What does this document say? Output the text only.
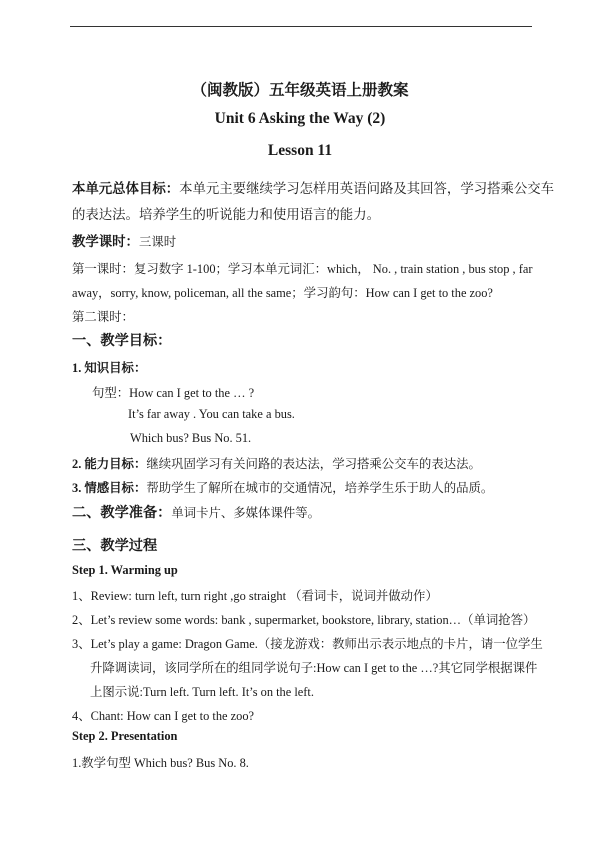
（闽教版）五年级英语上册教案
Unit 6 Asking the Way (2)
Lesson 11
本单元总体目标：本单元主要继续学习怎样用英语问路及其回答，学习搭乘公交车
的表达法。培养学生的听说能力和使用语言的能力。
教学课时：三课时
第一课时：复习数字 1-100；学习本单元词汇：which， No. , train station , bus stop , far
away，sorry, know, policeman, all the same；学习韵句：How can I get to the zoo?
第二课时：
一、教学目标：
1. 知识目标：
句型：How can I get to the … ?
It’s far away . You can take a bus.
Which bus? Bus No. 51.
2. 能力目标：继续巩固学习有关问路的表达法，学习搭乘公交车的表达法。
3. 情感目标：帮助学生了解所在城市的交通情况，培养学生乐于助人的品质。
二、教学准备：单词卡片、多媒体课件等。
三、教学过程
Step 1. Warming up
1、Review: turn left, turn right ,go straight （看词卡，说词并做动作）
2、Let’s review some words: bank , supermarket, bookstore, library, station…（单词抢答）
3、Let’s play a game: Dragon Game.（接龙游戏：教师出示表示地点的卡片，请一位学生
升降调读词，该同学所在的组同学说句子:How can I get to the …?其它同学根据课件
上图示说:Turn left. Turn left. It’s on the left.
4、Chant: How can I get to the zoo?
Step 2. Presentation
1.教学句型 Which bus? Bus No. 8.
